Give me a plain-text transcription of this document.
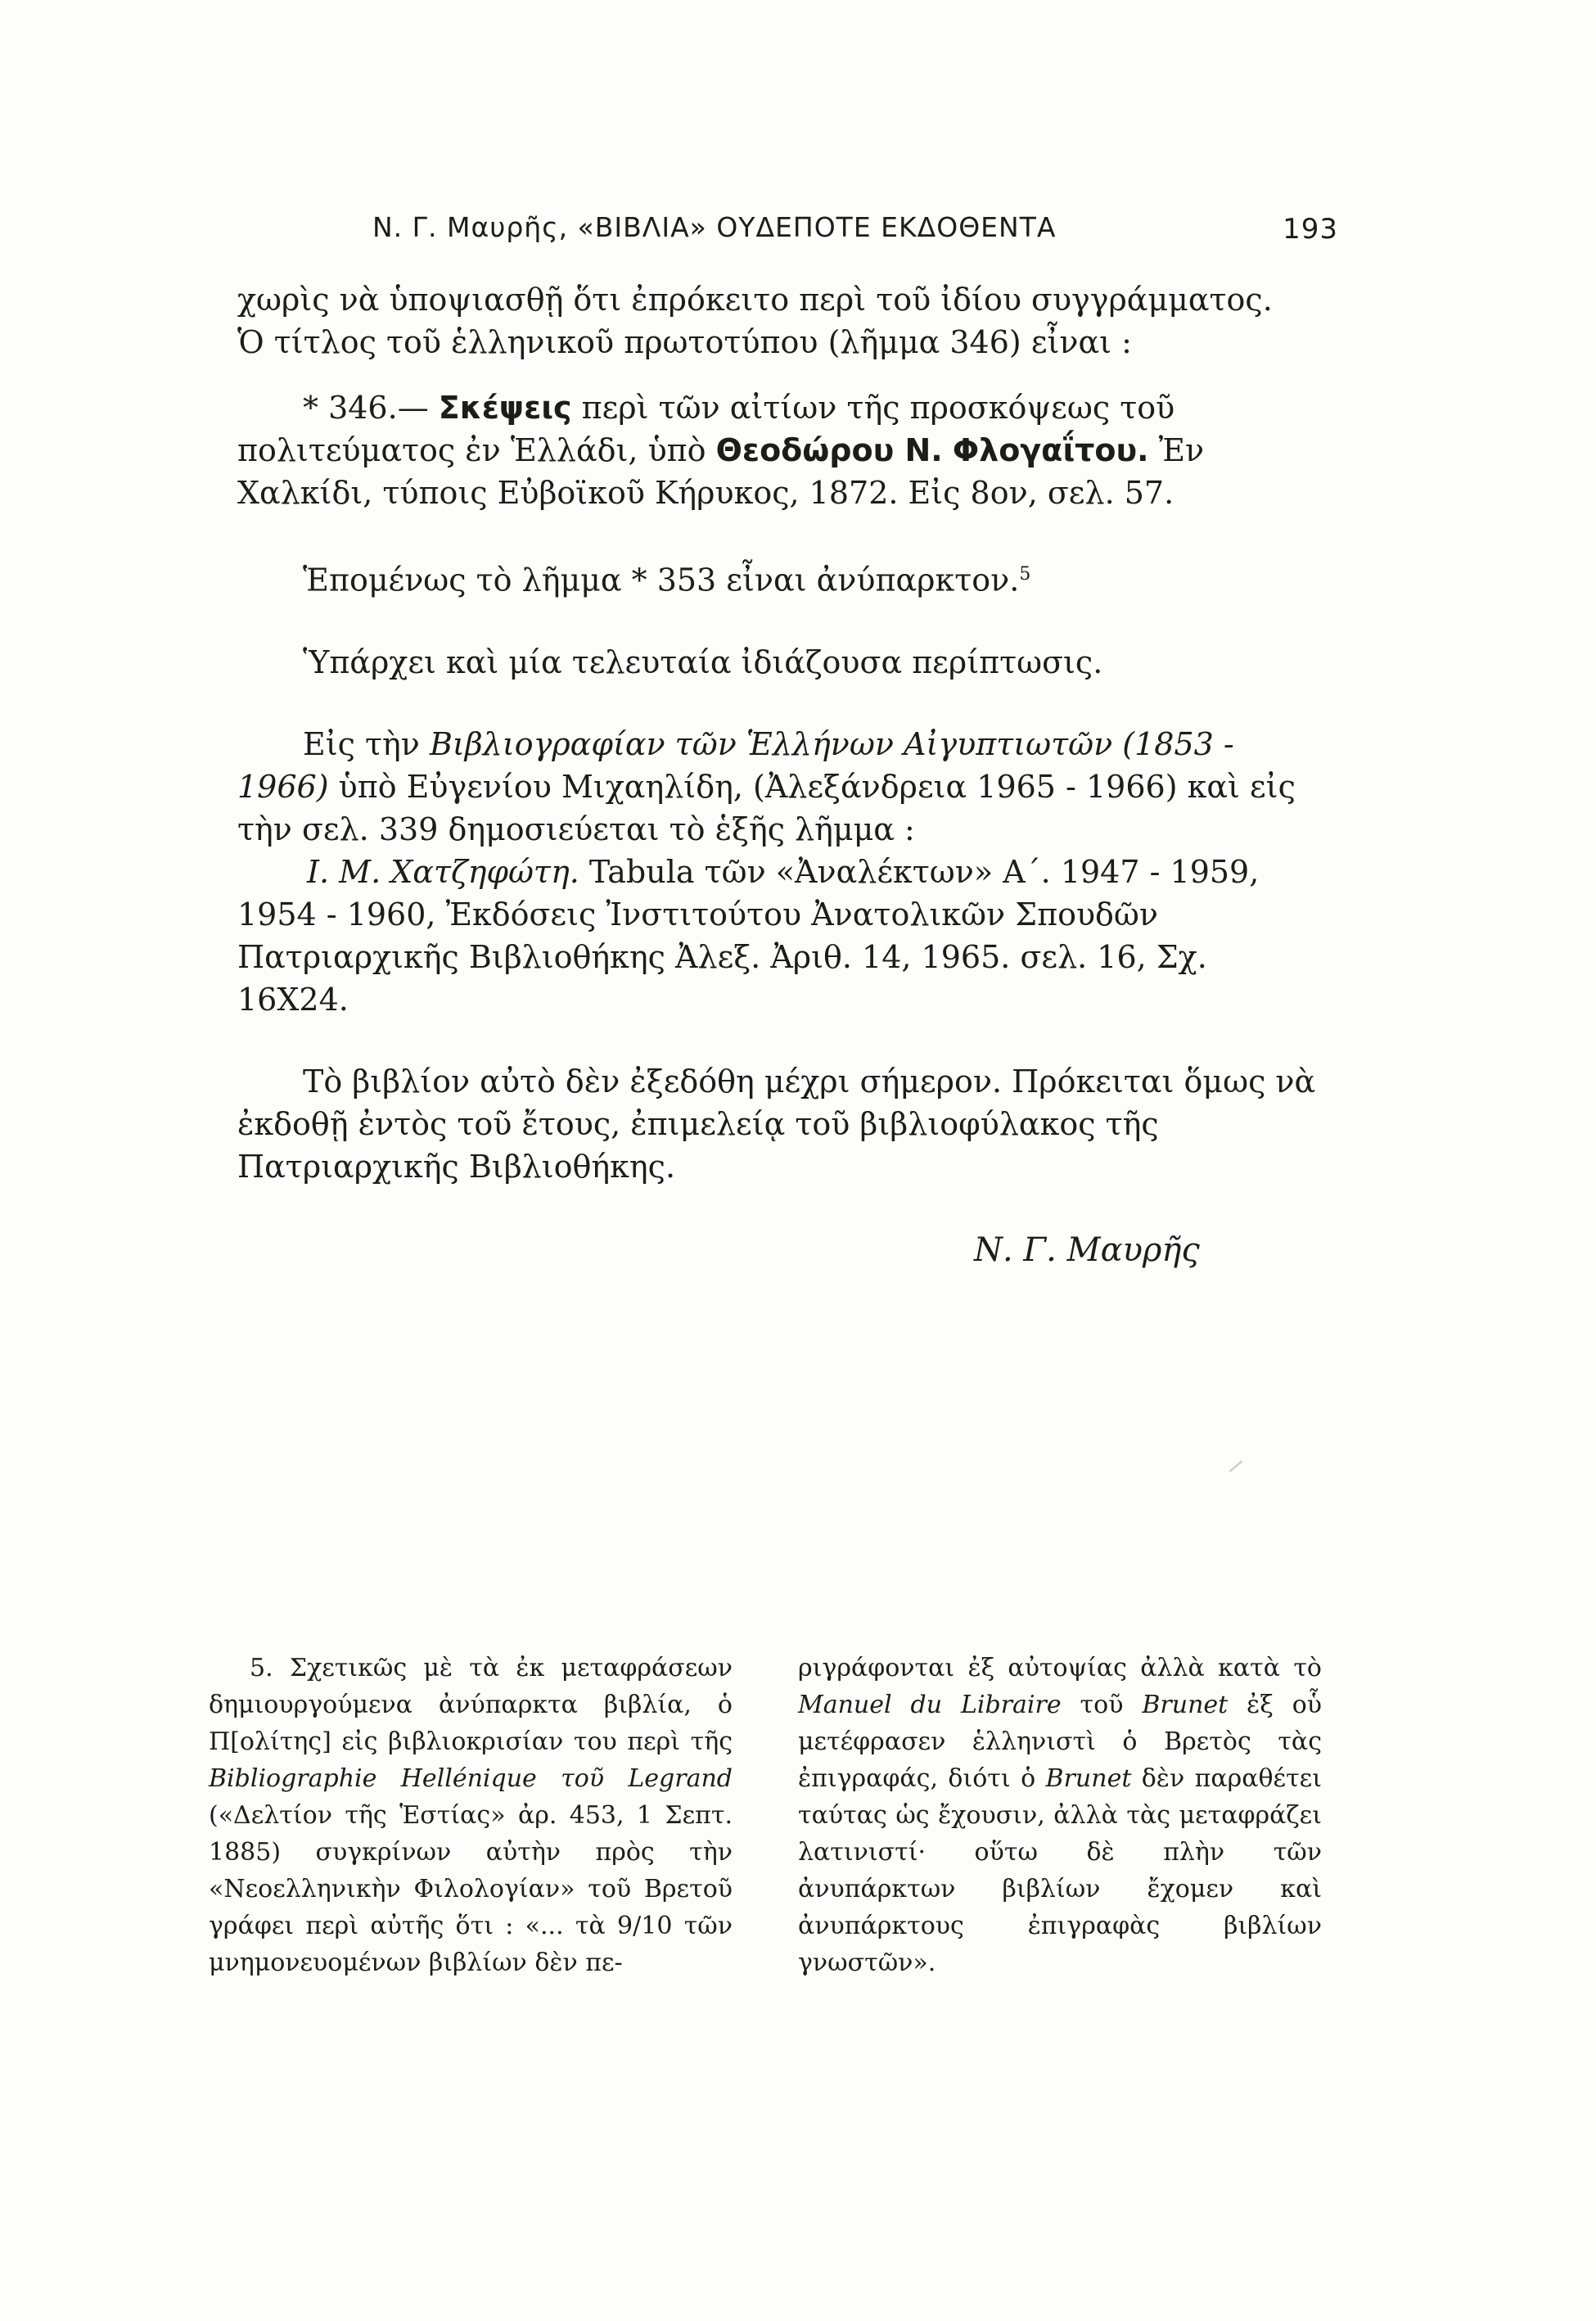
Ν. Γ. Μαυρῆς, «ΒΙΒΛΙΑ» ΟΥΔΕΠΟΤΕ ΕΚΔΟΘΕΝΤΑ	193

χωρὶς νὰ ὑποψιασθῇ ὅτι ἐπρόκειτο περὶ τοῦ ἰδίου συγγράμματος.
Ὁ τίτλος τοῦ ἑλληνικοῦ πρωτοτύπου (λῆμμα 346) εἶναι :

* 346.— Σκέψεις περὶ τῶν αἰτίων τῆς προσκόψεως τοῦ πολιτεύματος ἐν Ἑλλάδι, ὑπὸ Θεοδώρου Ν. Φλογαΐτου. Ἐν Χαλκίδι, τύποις Εὐβοϊκοῦ Κήρυκος, 1872. Εἰς 8ον, σελ. 57.

Ἑπομένως τὸ λῆμμα * 353 εἶναι ἀνύπαρκτον.$^5$

Ὑπάρχει καὶ μία τελευταία ἰδιάζουσα περίπτωσις.

Εἰς τὴν Βιβλιογραφίαν τῶν Ἑλλήνων Αἰγυπτιωτῶν (1853 - 1966) ὑπὸ Εὐγενίου Μιχαηλίδη, (Ἀλεξάνδρεια 1965 - 1966) καὶ εἰς τὴν σελ. 339 δημοσιεύεται τὸ ἑξῆς λῆμμα :

Ι. Μ. Χατζηφώτη. Tabula τῶν «Ἀναλέκτων» Α΄. 1947 - 1959, 1954 - 1960, Ἐκδόσεις Ἰνστιτούτου Ἀνατολικῶν Σπουδῶν Πατριαρχικῆς Βιβλιοθήκης Ἀλεξ. Ἀριθ. 14, 1965. σελ. 16, Σχ. 16Χ24.

Τὸ βιβλίον αὐτὸ δὲν ἐξεδόθη μέχρι σήμερον. Πρόκειται ὅμως νὰ ἐκδοθῇ ἐντὸς τοῦ ἔτους, ἐπιμελείᾳ τοῦ βιβλιοφύλακος τῆς Πατριαρχικῆς Βιβλιοθήκης.

Ν. Γ. Μαυρῆς

5. Σχετικῶς μὲ τὰ ἐκ μεταφράσεων δημιουργούμενα ἀνύπαρκτα βιβλία, ὁ Π[ολίτης] εἰς βιβλιοκρισίαν του περὶ τῆς Bibliographie Hellénique τοῦ Legrand («Δελτίον τῆς Ἑστίας» ἀρ. 453, 1 Σεπτ. 1885) συγκρίνων αὐτὴν πρὸς τὴν «Νεοελληνικὴν Φιλολογίαν» τοῦ Βρετοῦ γράφει περὶ αὐτῆς ὅτι : «... τὰ 9/10 τῶν μνημονευομένων βιβλίων δὲν πε-

ριγράφονται ἐξ αὐτοψίας ἀλλὰ κατὰ τὸ Manuel du Libraire τοῦ Brunet ἐξ οὗ μετέφρασεν ἑλληνιστὶ ὁ Βρετὸς τὰς ἐπιγραφάς, διότι ὁ Brunet δὲν παραθέτει ταύτας ὡς ἔχουσιν, ἀλλὰ τὰς μεταφράζει λατινιστί· οὕτω δὲ πλὴν τῶν ἀνυπάρκτων βιβλίων ἔχομεν καὶ ἀνυπάρκτους ἐπιγραφὰς βιβλίων γνωστῶν».
